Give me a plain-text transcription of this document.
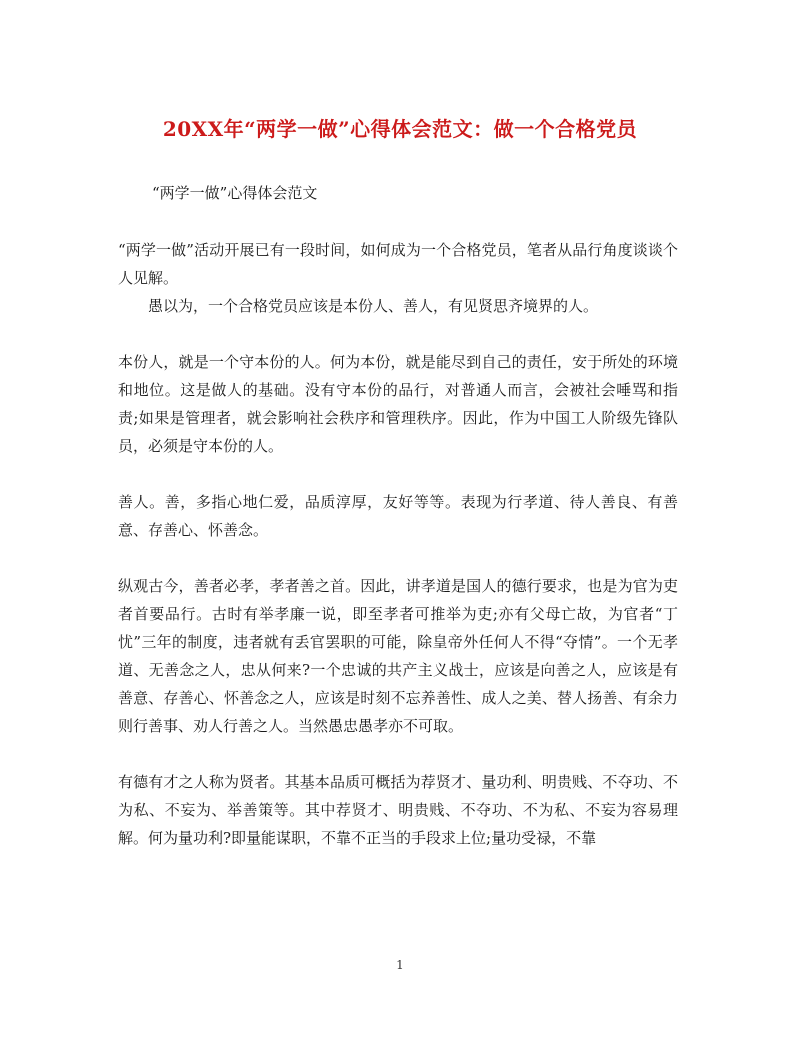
20XX年“两学一做”心得体会范文：做一个合格党员
“两学一做”心得体会范文

“两学一做”活动开展已有一段时间，如何成为一个合格党员，笔者从品行角度谈谈个人见解。

愚以为，一个合格党员应该是本份人、善人，有见贤思齐境界的人。

本份人，就是一个守本份的人。何为本份，就是能尽到自己的责任，安于所处的环境和地位。这是做人的基础。没有守本份的品行，对普通人而言，会被社会唾骂和指责;如果是管理者，就会影响社会秩序和管理秩序。因此，作为中国工人阶级先锋队员，必须是守本份的人。

善人。善，多指心地仁爱，品质淳厚，友好等等。表现为行孝道、待人善良、有善意、存善心、怀善念。

纵观古今，善者必孝，孝者善之首。因此，讲孝道是国人的德行要求，也是为官为吏者首要品行。古时有举孝廉一说，即至孝者可推举为吏;亦有父母亡故，为官者“丁忧”三年的制度，违者就有丢官罢职的可能，除皇帝外任何人不得“夺情”。一个无孝道、无善念之人，忠从何来?一个忠诚的共产主义战士，应该是向善之人，应该是有善意、存善心、怀善念之人，应该是时刻不忘养善性、成人之美、替人扬善、有余力则行善事、劝人行善之人。当然愚忠愚孝亦不可取。

有德有才之人称为贤者。其基本品质可概括为荐贤才、量功利、明贵贱、不夺功、不为私、不妄为、举善策等。其中荐贤才、明贵贱、不夺功、不为私、不妄为容易理解。何为量功利?即量能谋职，不靠不正当的手段求上位;量功受禄，不靠

1
